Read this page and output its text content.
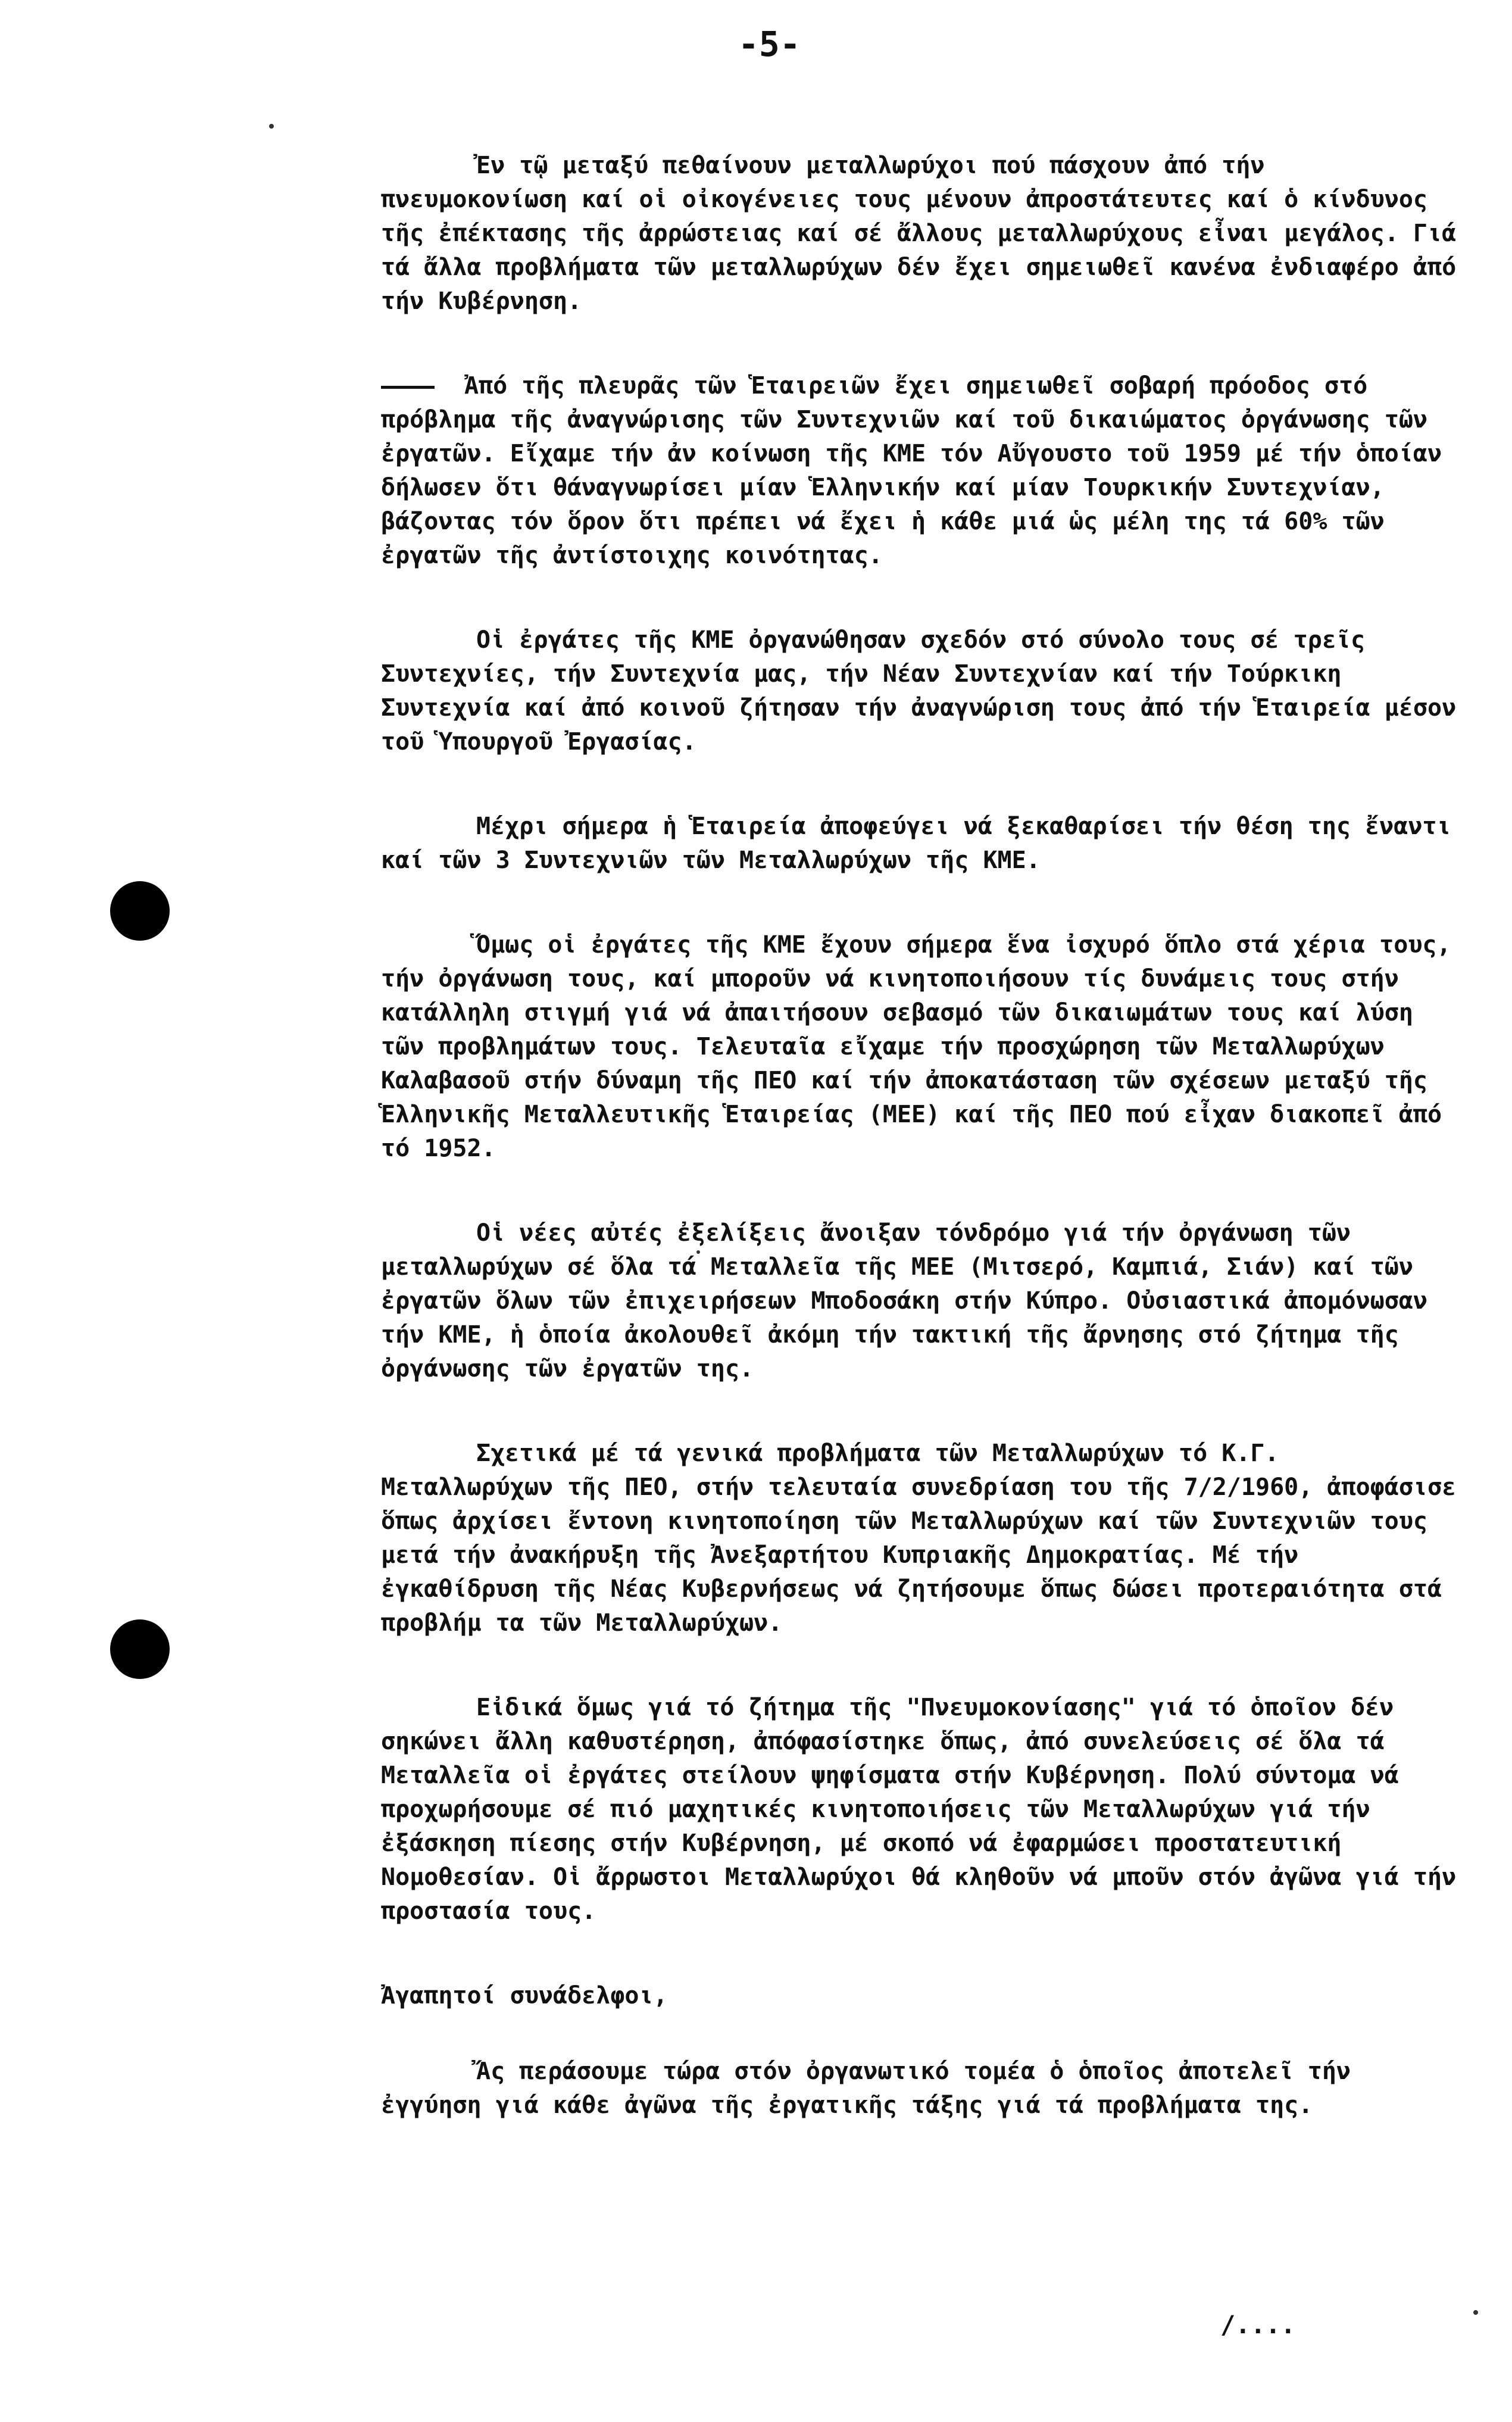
-5-

Ἐν τῷ μεταξύ πεθαίνουν μεταλλωρύχοι πού πάσχουν ἀπό τήν πνευμοκονίωση καί οἱ οἰκογένειες τους μένουν ἀπροστάτευτες καί ὁ κίνδυνος τῆς ἐπέκτασης τῆς ἀρρώστειας καί σέ ἄλλους μεταλλωρύχους εἶναι μεγάλος. Γιά τά ἄλλα προβλήματα τῶν μεταλλωρύχων δέν ἔχει σημειωθεῖ κανένα ἐνδιαφέρο ἀπό τήν Κυβέρνηση.

Ἀπό τῆς πλευρᾶς τῶν Ἑταιρειῶν ἔχει σημειωθεῖ σοβαρή πρόοδος στό πρόβλημα τῆς ἀναγνώρισης τῶν Συντεχνιῶν καί τοῦ δικαιώματος ὀργάνωσης τῶν ἐργατῶν. Εἴχαμε τήν ἀν κοίνωση τῆς ΚΜΕ τόν Αὔγουστο τοῦ 1959 μέ τήν ὁποίαν δήλωσεν ὅτι θάναγνωρίσει μίαν Ἑλληνικήν καί μίαν Τουρκικήν Συντεχνίαν, βάζοντας τόν ὅρον ὅτι πρέπει νά ἔχει ἡ κάθε μιά ὡς μέλη της τά 60% τῶν ἐργατῶν τῆς ἀντίστοιχης κοινότητας.

Οἱ ἐργάτες τῆς ΚΜΕ ὀργανώθησαν σχεδόν στό σύνολο τους σέ τρεῖς Συντεχνίες, τήν Συντεχνία μας, τήν Νέαν Συντεχνίαν καί τήν Τούρκικη Συντεχνία καί ἀπό κοινοῦ ζήτησαν τήν ἀναγνώριση τους ἀπό τήν Ἑταιρεία μέσον τοῦ Ὑπουργοῦ Ἐργασίας.

Μέχρι σήμερα ἡ Ἑταιρεία ἀποφεύγει νά ξεκαθαρίσει τήν θέση της ἔναντι καί τῶν 3 Συντεχνιῶν τῶν Μεταλλωρύχων τῆς ΚΜΕ.

Ὅμως οἱ ἐργάτες τῆς ΚΜΕ ἔχουν σήμερα ἕνα ἰσχυρό ὅπλο στά χέρια τους, τήν ὀργάνωση τους, καί μποροῦν νά κινητοποιήσουν τίς δυνάμεις τους στήν κατάλληλη στιγμή γιά νά ἀπαιτήσουν σεβασμό τῶν δικαιωμάτων τους καί λύση τῶν προβλημάτων τους. Τελευταῖα εἴχαμε τήν προσχώρηση τῶν Μεταλλωρύχων Καλαβασοῦ στήν δύναμη τῆς ΠΕΟ καί τήν ἀποκατάσταση τῶν σχέσεων μεταξύ τῆς Ἑλληνικῆς Μεταλλευτικῆς Ἑταιρείας (ΜΕΕ) καί τῆς ΠΕΟ πού εἶχαν διακοπεῖ ἀπό τό 1952.

Οἱ νέες αὐτές ἐξελίξεις ἄνοιξαν τόνδρόμο γιά τήν ὀργάνωση τῶν μεταλλωρύχων σέ ὅλα τά Μεταλλεῖα τῆς ΜΕΕ (Μιτσερό, Καμπιά, Σιάν) καί τῶν ἐργατῶν ὅλων τῶν ἐπιχειρήσεων Μποδοσάκη στήν Κύπρο. Οὐσιαστικά ἀπομόνωσαν τήν ΚΜΕ, ἡ ὁποία ἀκολουθεῖ ἀκόμη τήν τακτική τῆς ἄρνησης στό ζήτημα τῆς ὀργάνωσης τῶν ἐργατῶν της.

Σχετικά μέ τά γενικά προβλήματα τῶν Μεταλλωρύχων τό Κ.Γ. Μεταλλωρύχων τῆς ΠΕΟ, στήν τελευταία συνεδρίαση του τῆς 7/2/1960, ἀποφάσισε ὅπως ἀρχίσει ἔντονη κινητοποίηση τῶν Μεταλλωρύχων καί τῶν Συντεχνιῶν τους μετά τήν ἀνακήρυξη τῆς Ἀνεξαρτήτου Κυπριακῆς Δημοκρατίας. Μέ τήν ἐγκαθίδρυση τῆς Νέας Κυβερνήσεως νά ζητήσουμε ὅπως δώσει προτεραιότητα στά προβλήμ τα τῶν Μεταλλωρύχων.

Εἰδικά ὅμως γιά τό ζήτημα τῆς "Πνευμοκονίασης" γιά τό ὁποῖον δέν σηκώνει ἄλλη καθυστέρηση, ἀπόφασίστηκε ὅπως, ἀπό συνελεύσεις σέ ὅλα τά Μεταλλεῖα οἱ ἐργάτες στείλουν ψηφίσματα στήν Κυβέρνηση. Πολύ σύντομα νά προχωρήσουμε σέ πιό μαχητικές κινητοποιήσεις τῶν Μεταλλωρύχων γιά τήν ἐξάσκηση πίεσης στήν Κυβέρνηση, μέ σκοπό νά ἐφαρμώσει προστατευτική Νομοθεσίαν. Οἱ ἄρρωστοι Μεταλλωρύχοι θά κληθοῦν νά μποῦν στόν ἀγῶνα γιά τήν προστασία τους.

Ἀγαπητοί συνάδελφοι,

Ἄς περάσουμε τώρα στόν ὀργανωτικό τομέα ὁ ὁποῖος ἀποτελεῖ τήν ἐγγύηση γιά κάθε ἀγῶνα τῆς ἐργατικῆς τάξης γιά τά προβλήματα της.

/....
